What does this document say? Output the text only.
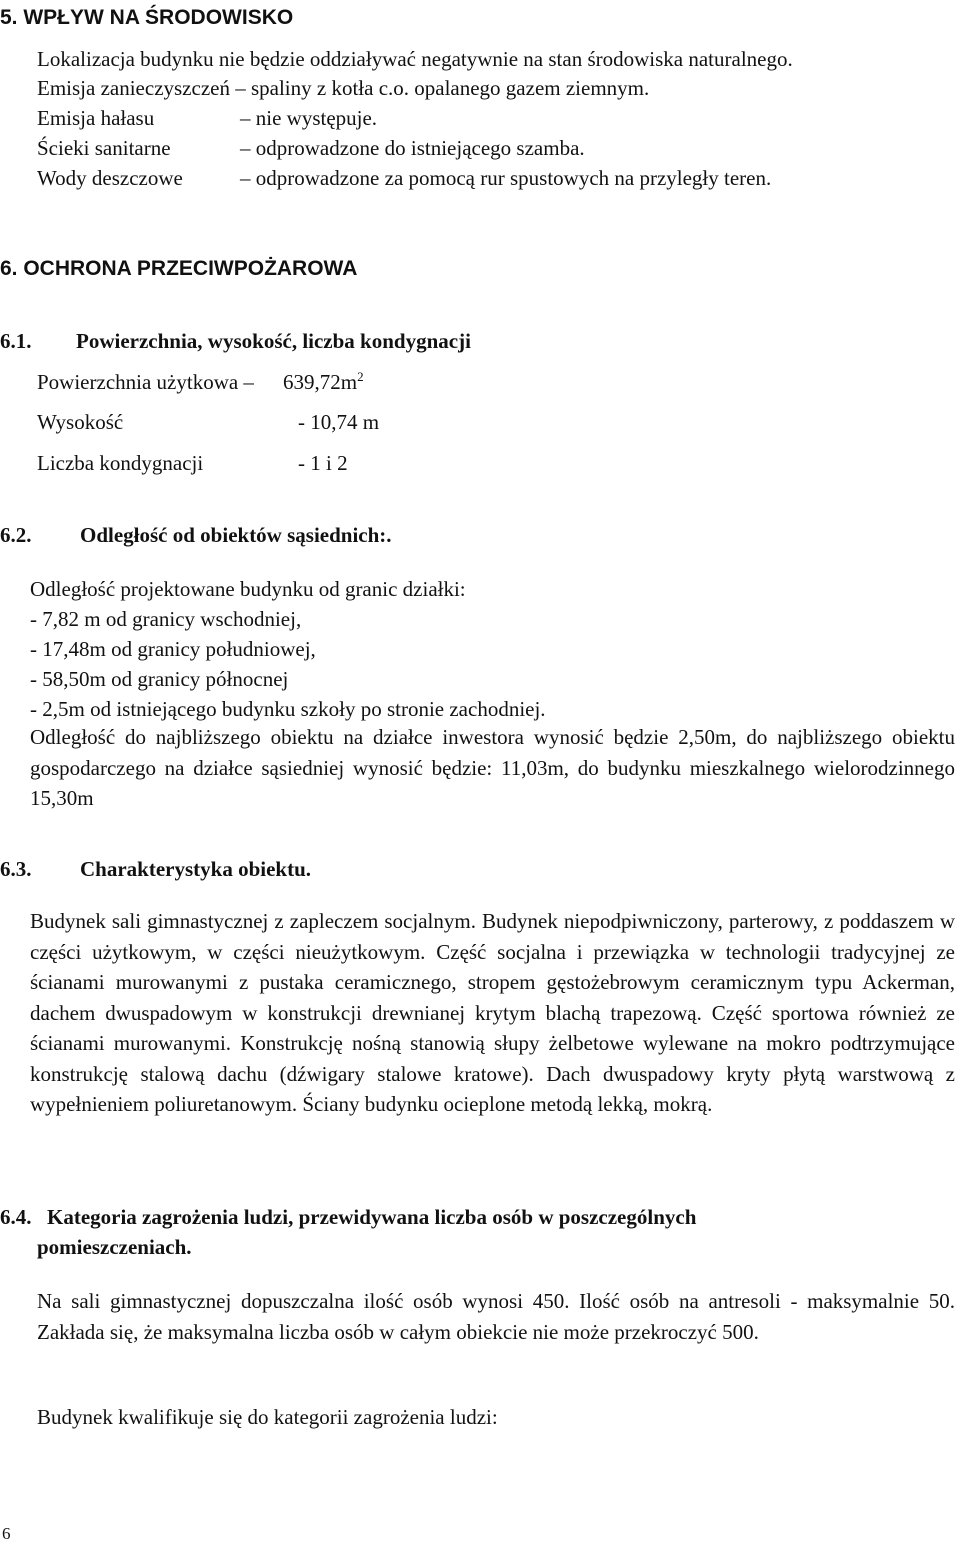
5. WPŁYW NA ŚRODOWISKO
Lokalizacja budynku nie będzie oddziaływać negatywnie na stan środowiska naturalnego.
Emisja zanieczyszczeń – spaliny z kotła c.o. opalanego gazem ziemnym.
Emisja hałasu	– nie występuje.
Ścieki sanitarne	– odprowadzone do istniejącego szamba.
Wody deszczowe	– odprowadzone za pomocą rur spustowych na przyległy teren.
6. OCHRONA PRZECIWPOŻAROWA
6.1. Powierzchnia, wysokość, liczba kondygnacji
Powierzchnia użytkowa – $639,72m^2$
Wysokość	- 10,74 m
Liczba kondygnacji	- 1 i 2
6.2. Odległość od obiektów sąsiednich:.
Odległość projektowane budynku od granic działki:
- 7,82 m od granicy wschodniej,
- 17,48m od granicy południowej,
- 58,50m od granicy północnej
- 2,5m od istniejącego budynku szkoły po stronie zachodniej.
Odległość do najbliższego obiektu na działce inwestora wynosić będzie 2,50m, do najbliższego obiektu gospodarczego na działce sąsiedniej wynosić będzie: 11,03m, do budynku mieszkalnego wielorodzinnego 15,30m
6.3. Charakterystyka obiektu.
Budynek sali gimnastycznej z zapleczem socjalnym. Budynek niepodpiwniczony, parterowy, z poddaszem w części użytkowym, w części nieużytkowym. Część socjalna i przewiązka w technologii tradycyjnej ze ścianami murowanymi z pustaka ceramicznego, stropem gęstożebrowym ceramicznym typu Ackerman, dachem dwuspadowym w konstrukcji drewnianej krytym blachą trapezową. Część sportowa również ze ścianami murowanymi. Konstrukcję nośną stanowią słupy żelbetowe wylewane na mokro podtrzymujące konstrukcję stalową dachu (dźwigary stalowe kratowe). Dach dwuspadowy kryty płytą warstwową z wypełnieniem poliuretanowym. Ściany budynku ocieplone metodą lekką, mokrą.
6.4. Kategoria zagrożenia ludzi, przewidywana liczba osób w poszczególnych
pomieszczeniach.
Na sali gimnastycznej dopuszczalna ilość osób wynosi 450. Ilość osób na antresoli - maksymalnie 50. Zakłada się, że maksymalna liczba osób w całym obiekcie nie może przekroczyć 500.
Budynek kwalifikuje się do kategorii zagrożenia ludzi:
6
